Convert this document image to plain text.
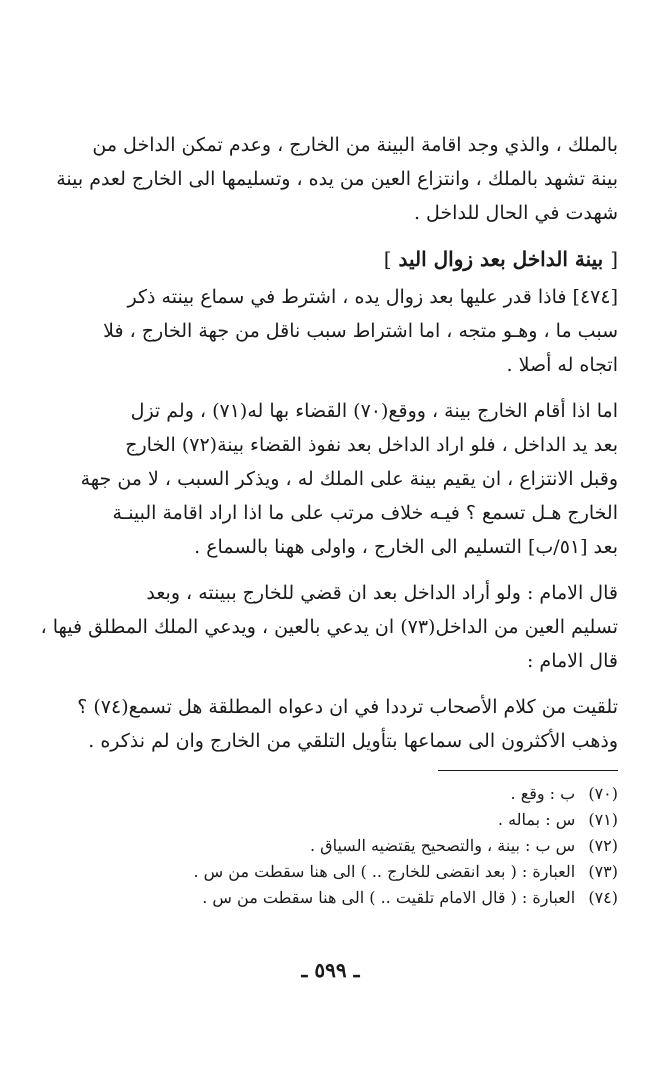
بالملك ، والذي وجد اقامة البينة من الخارج ، وعدم تمكن الداخل من
بينة تشهد بالملك ، وانتزاع العين من يده ، وتسليمها الى الخارج لعدم بينة
شهدت في الحال للداخل .
[ بينة الداخل بعد زوال اليد ]
[٤٧٤] فاذا قدر عليها بعد زوال يده ، اشترط في سماع بينته ذكر
سبب ما ، وهـو متجه ، اما اشتراط سبب ناقل من جهة الخارج ، فلا
اتجاه له أصلا .
اما اذا أقام الخارج بينة ، ووقع(٧٠) القضاء بها له(٧١) ، ولم تزل
بعد يد الداخل ، فلو اراد الداخل بعد نفوذ القضاء بينة(٧٢) الخارج
وقبل الانتزاع ، ان يقيم بينة على الملك له ، ويذكر السبب ، لا من جهة
الخارج هـل تسمع ؟ فيـه خلاف مرتب على ما اذا اراد اقامة البينـة
بعد [٥١/ب] التسليم الى الخارج ، واولى ههنا بالسماع .
قال الامام : ولو أراد الداخل بعد ان قضي للخارج ببينته ، وبعد
تسليم العين من الداخل(٧٣) ان يدعي بالعين ، ويدعي الملك المطلق فيها ،
قال الامام :
تلقيت من كلام الأصحاب ترددا في ان دعواه المطلقة هل تسمع(٧٤) ؟
وذهب الأكثرون الى سماعها بتأويل التلقي من الخارج وان لم نذكره .
(٧٠) ب : وقع .
(٧١) س : بماله .
(٧٢) س ب : بينة ، والتصحيح يقتضيه السياق .
(٧٣) العبارة : ( بعد انقضى للخارج .. ) الى هنا سقطت من س .
(٧٤) العبارة : ( قال الامام تلقيت .. ) الى هنا سقطت من س .
ـ ٥٩٩ ـ
